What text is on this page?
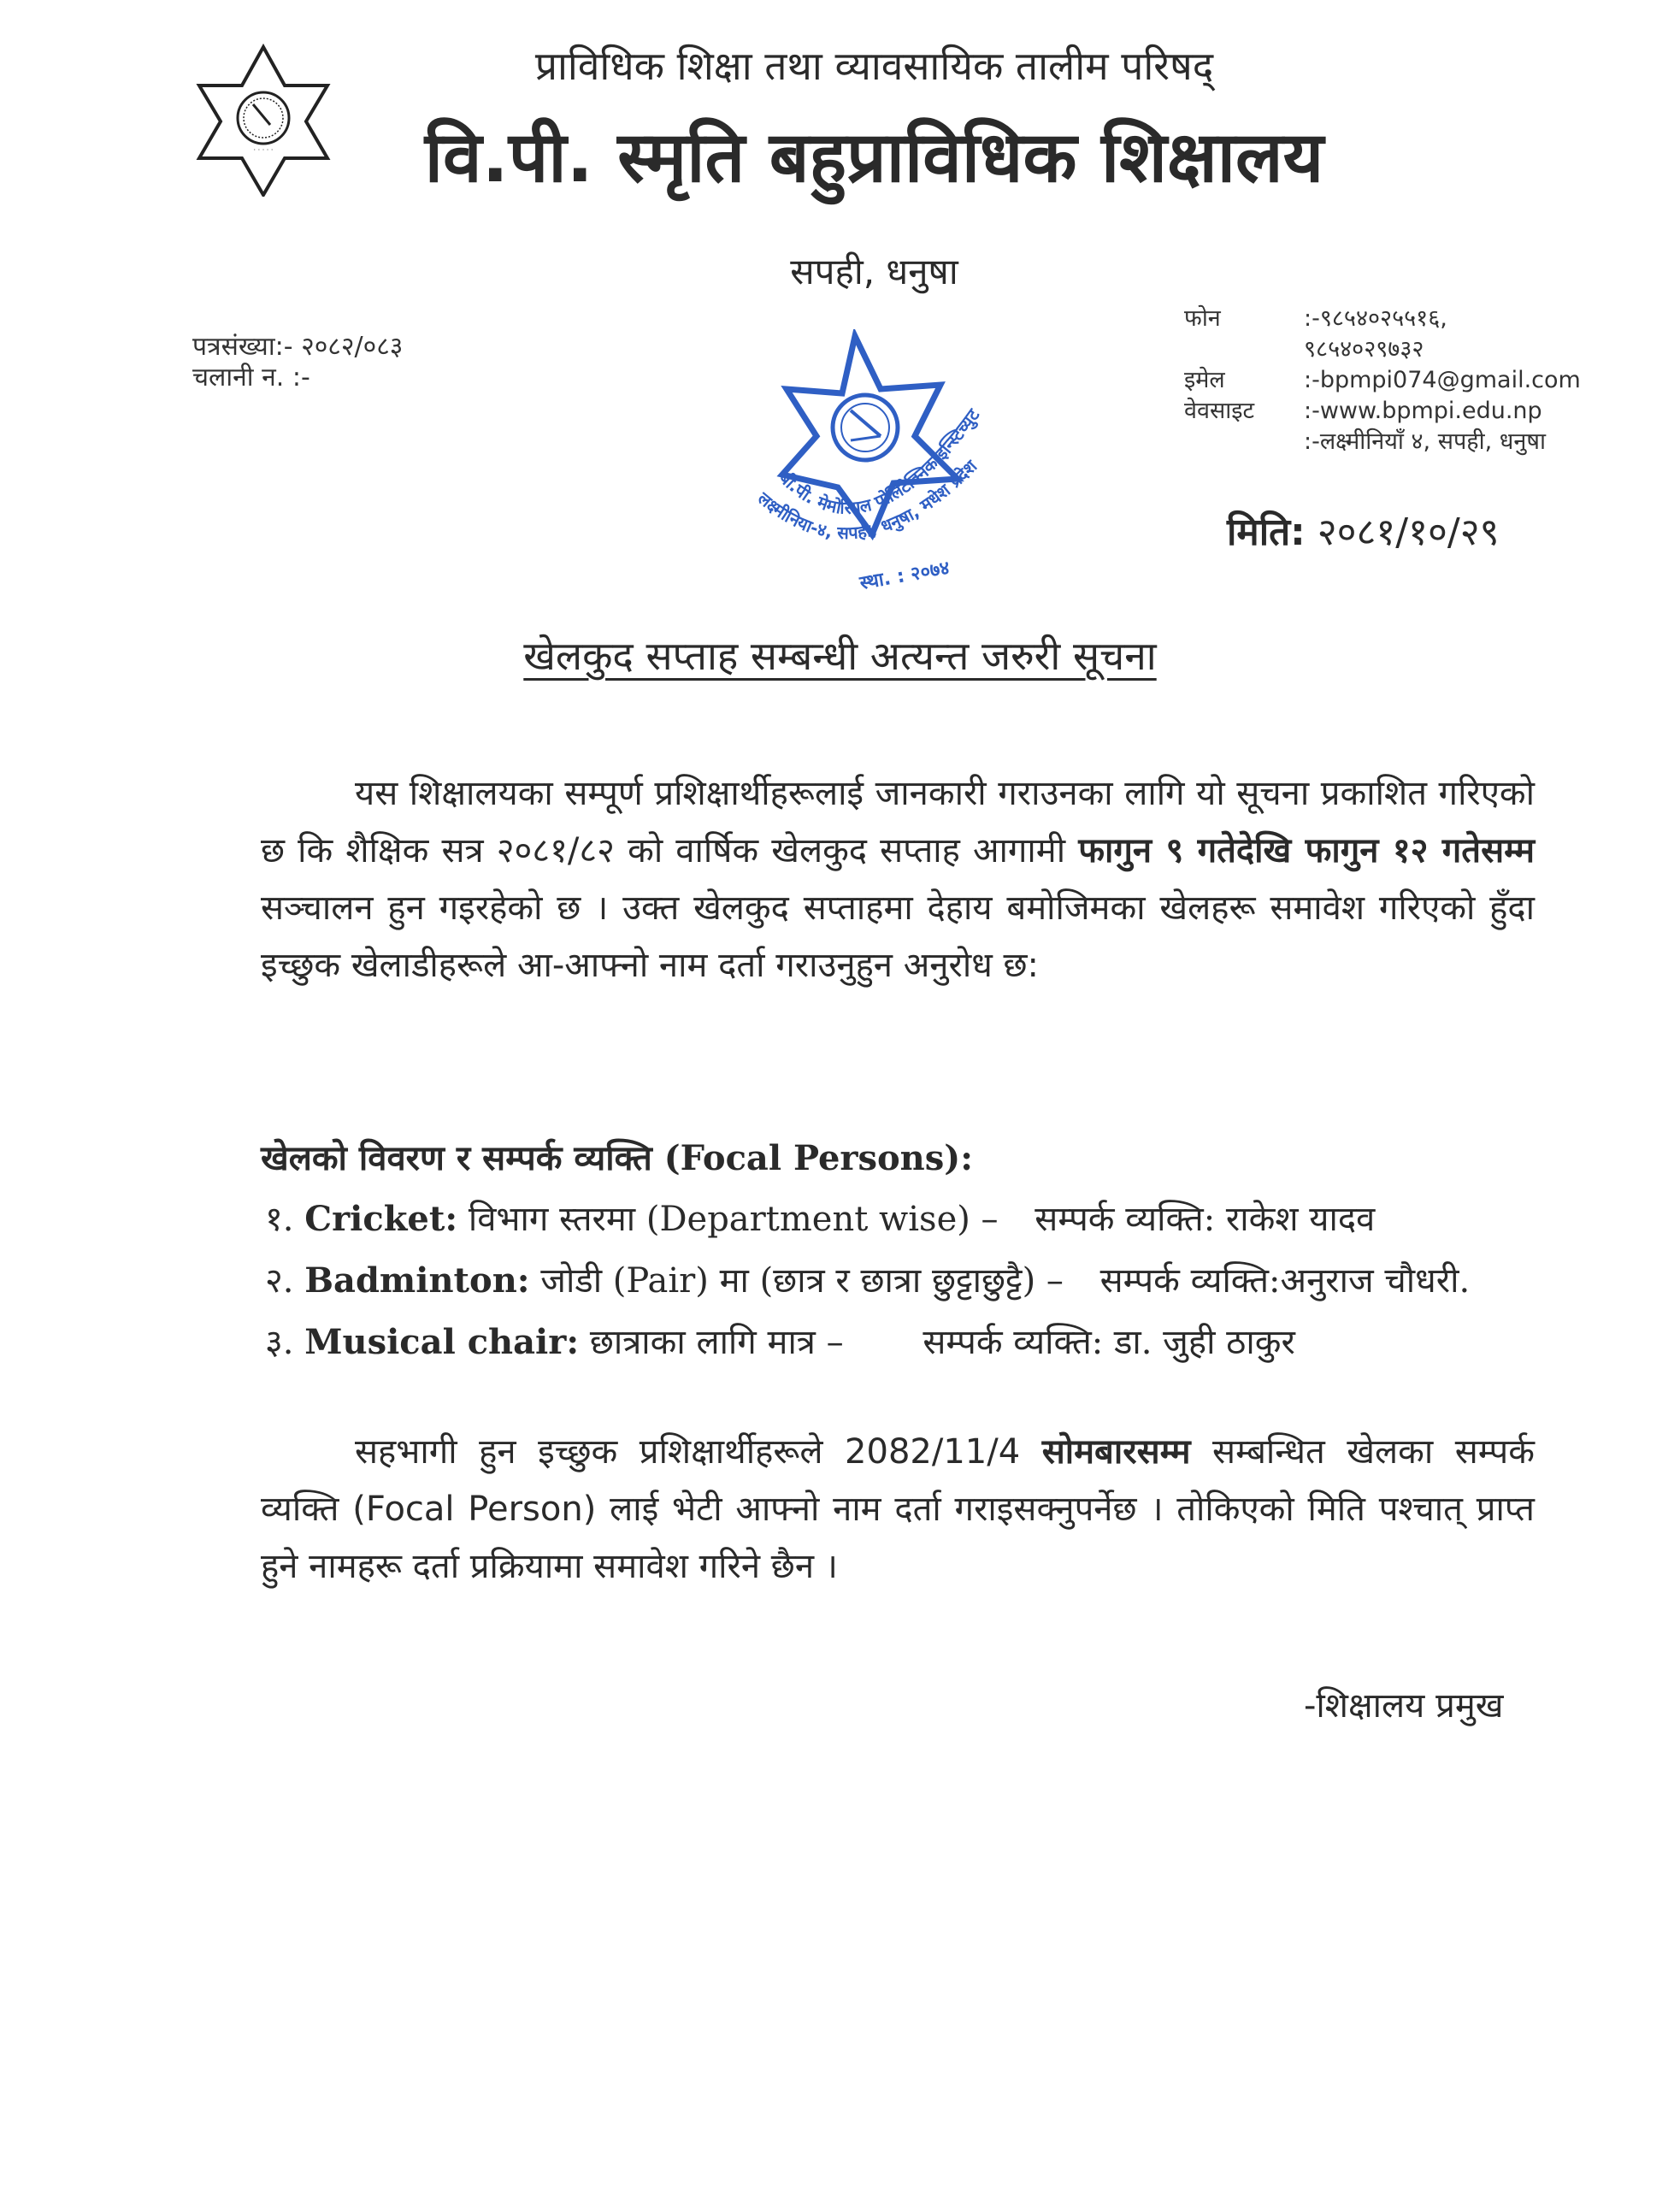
· · · · ·
प्राविधिक शिक्षा तथा व्यावसायिक तालीम परिषद्
वि.पी. स्मृति बहुप्राविधिक शिक्षालय
सपही, धनुषा
पत्रसंख्या:- २०८२/०८३
चलानी न. :-
बी.पी. मेमोरियल पोलिटेक्निक इन्स्टिच्युट
लक्ष्मीनिया-४, सपही, धनुषा, मधेश प्रदेश
स्था. : २०७४
फोन	:-९८५४०२५५१६,
	९८५४०२९७३२
इमेल	:-bpmpi074@gmail.com
वेवसाइट	:-www.bpmpi.edu.np
	:-लक्ष्मीनियाँ ४, सपही, धनुषा
मिति: २०८१/१०/२९
खेलकुद सप्ताह सम्बन्धी अत्यन्त जरुरी सूचना
यस शिक्षालयका सम्पूर्ण प्रशिक्षार्थीहरूलाई जानकारी गराउनका लागि यो सूचना प्रकाशित गरिएको छ कि शैक्षिक सत्र २०८१/८२ को वार्षिक खेलकुद सप्ताह आगामी फागुन ९ गतेदेखि फागुन १२ गतेसम्म सञ्चालन हुन गइरहेको छ । उक्त खेलकुद सप्ताहमा देहाय बमोजिमका खेलहरू समावेश गरिएको हुँदा इच्छुक खेलाडीहरूले आ-आफ्नो नाम दर्ता गराउनुहुन अनुरोध छ:
खेलको विवरण र सम्पर्क व्यक्ति (Focal Persons):
१. Cricket: विभाग स्तरमा (Department wise) – सम्पर्क व्यक्ति: राकेश यादव
२. Badminton: जोडी (Pair) मा (छात्र र छात्रा छुट्टाछुट्टै) – सम्पर्क व्यक्ति:अनुराज चौधरी.
३. Musical chair: छात्राका लागि मात्र – सम्पर्क व्यक्ति: डा. जुही ठाकुर
सहभागी हुन इच्छुक प्रशिक्षार्थीहरूले 2082/11/4 सोमबारसम्म सम्बन्धित खेलका सम्पर्क व्यक्ति (Focal Person) लाई भेटी आफ्नो नाम दर्ता गराइसक्नुपर्नेछ । तोकिएको मिति पश्चात् प्राप्त हुने नामहरू दर्ता प्रक्रियामा समावेश गरिने छैन ।
-शिक्षालय प्रमुख
